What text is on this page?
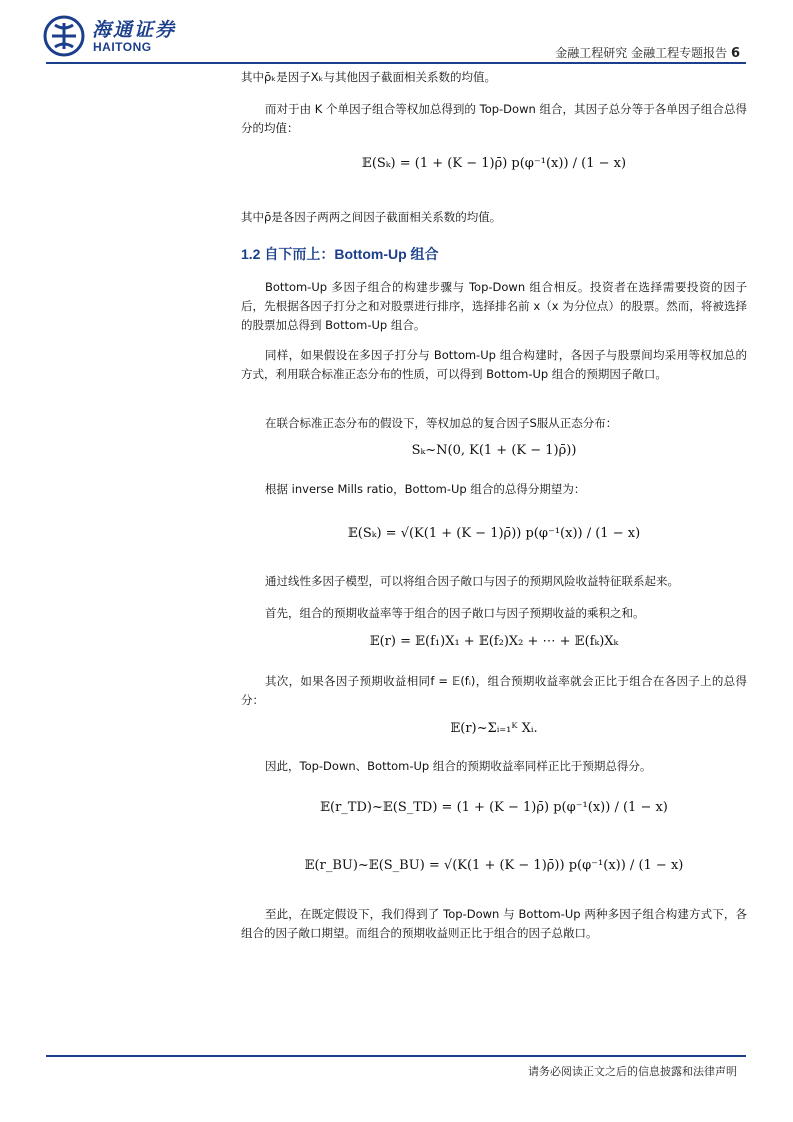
海通证券
HAITONG	金融工程研究 金融工程专题报告 6

其中ρ̄ₖ是因子Xₖ与其他因子截面相关系数的均值。

而对于由 K 个单因子组合等权加总得到的 Top-Down 组合，其因子总分等于各单因子组合总得分的均值：

𝔼(Sₖ) = (1 + (K − 1)ρ̄) p(φ⁻¹(x)) / (1 − x)

其中ρ̄是各因子两两之间因子截面相关系数的均值。

1.2 自下而上：Bottom-Up 组合

Bottom-Up 多因子组合的构建步骤与 Top-Down 组合相反。投资者在选择需要投资的因子后，先根据各因子打分之和对股票进行排序，选择排名前 x（x 为分位点）的股票。然而，将被选择的股票加总得到 Bottom-Up 组合。

同样，如果假设在多因子打分与 Bottom-Up 组合构建时，各因子与股票间均采用等权加总的方式，利用联合标准正态分布的性质，可以得到 Bottom-Up 组合的预期因子敞口。

在联合标准正态分布的假设下，等权加总的复合因子S服从正态分布：

Sₖ~N(0, K(1 + (K − 1)ρ̄))

根据 inverse Mills ratio，Bottom-Up 组合的总得分期望为：

𝔼(Sₖ) = √(K(1 + (K − 1)ρ̄)) p(φ⁻¹(x)) / (1 − x)

通过线性多因子模型，可以将组合因子敞口与因子的预期风险收益特征联系起来。

首先，组合的预期收益率等于组合的因子敞口与因子预期收益的乘积之和。

𝔼(r) = 𝔼(f₁)X₁ + 𝔼(f₂)X₂ + ⋯ + 𝔼(fₖ)Xₖ

其次，如果各因子预期收益相同f = 𝔼(fᵢ)，组合预期收益率就会正比于组合在各因子上的总得分：

𝔼(r)~Σᵢ₌₁ᴷ Xᵢ.

因此，Top-Down、Bottom-Up 组合的预期收益率同样正比于预期总得分。

𝔼(r_TD)~𝔼(S_TD) = (1 + (K − 1)ρ̄) p(φ⁻¹(x)) / (1 − x)
𝔼(r_BU)~𝔼(S_BU) = √(K(1 + (K − 1)ρ̄)) p(φ⁻¹(x)) / (1 − x)

至此，在既定假设下，我们得到了 Top-Down 与 Bottom-Up 两种多因子组合构建方式下，各组合的因子敞口期望。而组合的预期收益则正比于组合的因子总敞口。

请务必阅读正文之后的信息披露和法律声明
